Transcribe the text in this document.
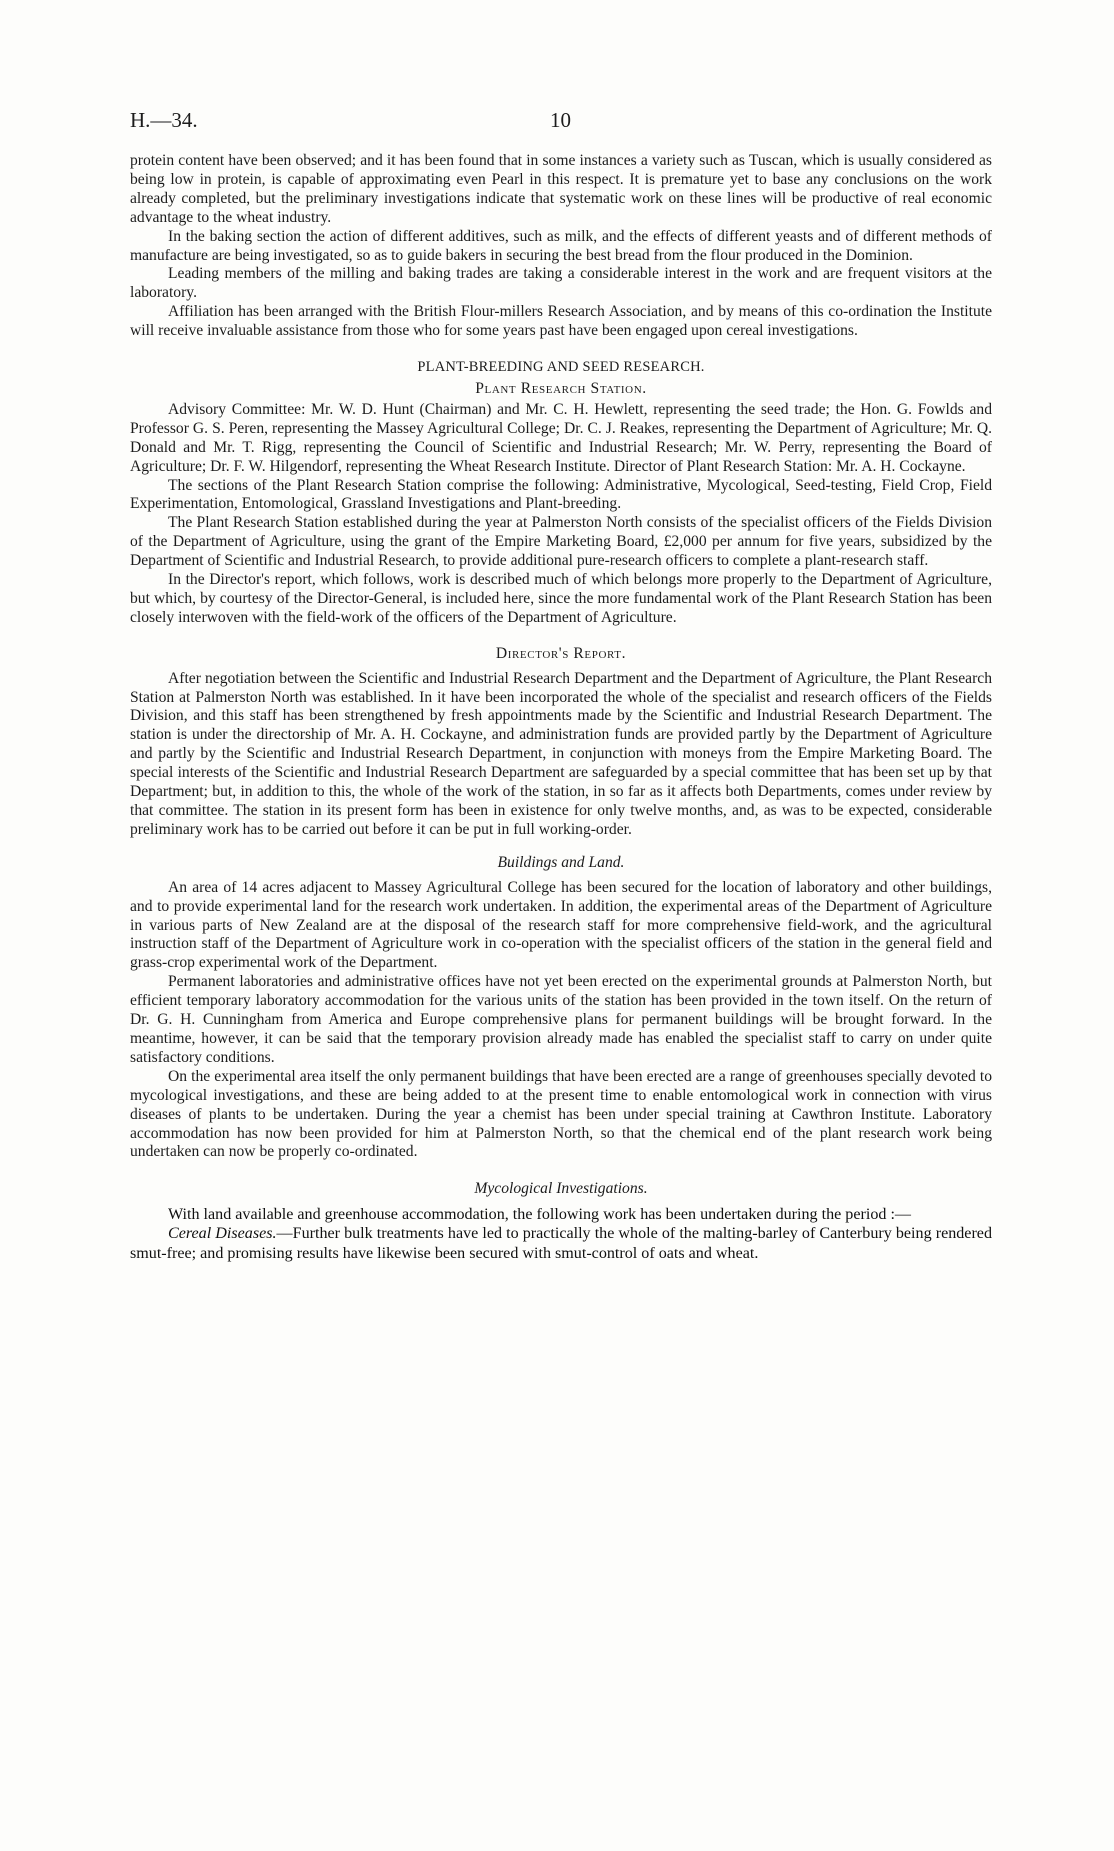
H.—34.	10

protein content have been observed; and it has been found that in some instances a variety such as Tuscan, which is usually considered as being low in protein, is capable of approximating even Pearl in this respect. It is premature yet to base any conclusions on the work already completed, but the preliminary investigations indicate that systematic work on these lines will be productive of real economic advantage to the wheat industry.

In the baking section the action of different additives, such as milk, and the effects of different yeasts and of different methods of manufacture are being investigated, so as to guide bakers in securing the best bread from the flour produced in the Dominion.

Leading members of the milling and baking trades are taking a considerable interest in the work and are frequent visitors at the laboratory.

Affiliation has been arranged with the British Flour-millers Research Association, and by means of this co-ordination the Institute will receive invaluable assistance from those who for some years past have been engaged upon cereal investigations.

PLANT-BREEDING AND SEED RESEARCH.
Plant Research Station.

Advisory Committee: Mr. W. D. Hunt (Chairman) and Mr. C. H. Hewlett, representing the seed trade; the Hon. G. Fowlds and Professor G. S. Peren, representing the Massey Agricultural College; Dr. C. J. Reakes, representing the Department of Agriculture; Mr. Q. Donald and Mr. T. Rigg, representing the Council of Scientific and Industrial Research; Mr. W. Perry, representing the Board of Agriculture; Dr. F. W. Hilgendorf, representing the Wheat Research Institute. Director of Plant Research Station: Mr. A. H. Cockayne.

The sections of the Plant Research Station comprise the following: Administrative, Mycological, Seed-testing, Field Crop, Field Experimentation, Entomological, Grassland Investigations and Plant-breeding.

The Plant Research Station established during the year at Palmerston North consists of the specialist officers of the Fields Division of the Department of Agriculture, using the grant of the Empire Marketing Board, £2,000 per annum for five years, subsidized by the Department of Scientific and Industrial Research, to provide additional pure-research officers to complete a plant-research staff.

In the Director's report, which follows, work is described much of which belongs more properly to the Department of Agriculture, but which, by courtesy of the Director-General, is included here, since the more fundamental work of the Plant Research Station has been closely interwoven with the field-work of the officers of the Department of Agriculture.

Director's Report.

After negotiation between the Scientific and Industrial Research Department and the Department of Agriculture, the Plant Research Station at Palmerston North was established. In it have been incorporated the whole of the specialist and research officers of the Fields Division, and this staff has been strengthened by fresh appointments made by the Scientific and Industrial Research Department. The station is under the directorship of Mr. A. H. Cockayne, and administration funds are provided partly by the Department of Agriculture and partly by the Scientific and Industrial Research Department, in conjunction with moneys from the Empire Marketing Board. The special interests of the Scientific and Industrial Research Department are safeguarded by a special committee that has been set up by that Department; but, in addition to this, the whole of the work of the station, in so far as it affects both Departments, comes under review by that committee. The station in its present form has been in existence for only twelve months, and, as was to be expected, considerable preliminary work has to be carried out before it can be put in full working-order.

Buildings and Land.

An area of 14 acres adjacent to Massey Agricultural College has been secured for the location of laboratory and other buildings, and to provide experimental land for the research work undertaken. In addition, the experimental areas of the Department of Agriculture in various parts of New Zealand are at the disposal of the research staff for more comprehensive field-work, and the agricultural instruction staff of the Department of Agriculture work in co-operation with the specialist officers of the station in the general field and grass-crop experimental work of the Department.

Permanent laboratories and administrative offices have not yet been erected on the experimental grounds at Palmerston North, but efficient temporary laboratory accommodation for the various units of the station has been provided in the town itself. On the return of Dr. G. H. Cunningham from America and Europe comprehensive plans for permanent buildings will be brought forward. In the meantime, however, it can be said that the temporary provision already made has enabled the specialist staff to carry on under quite satisfactory conditions.

On the experimental area itself the only permanent buildings that have been erected are a range of greenhouses specially devoted to mycological investigations, and these are being added to at the present time to enable entomological work in connection with virus diseases of plants to be undertaken. During the year a chemist has been under special training at Cawthron Institute. Laboratory accommodation has now been provided for him at Palmerston North, so that the chemical end of the plant research work being undertaken can now be properly co-ordinated.

Mycological Investigations.

With land available and greenhouse accommodation, the following work has been undertaken during the period :—

Cereal Diseases.—Further bulk treatments have led to practically the whole of the malting-barley of Canterbury being rendered smut-free; and promising results have likewise been secured with smut-control of oats and wheat.
